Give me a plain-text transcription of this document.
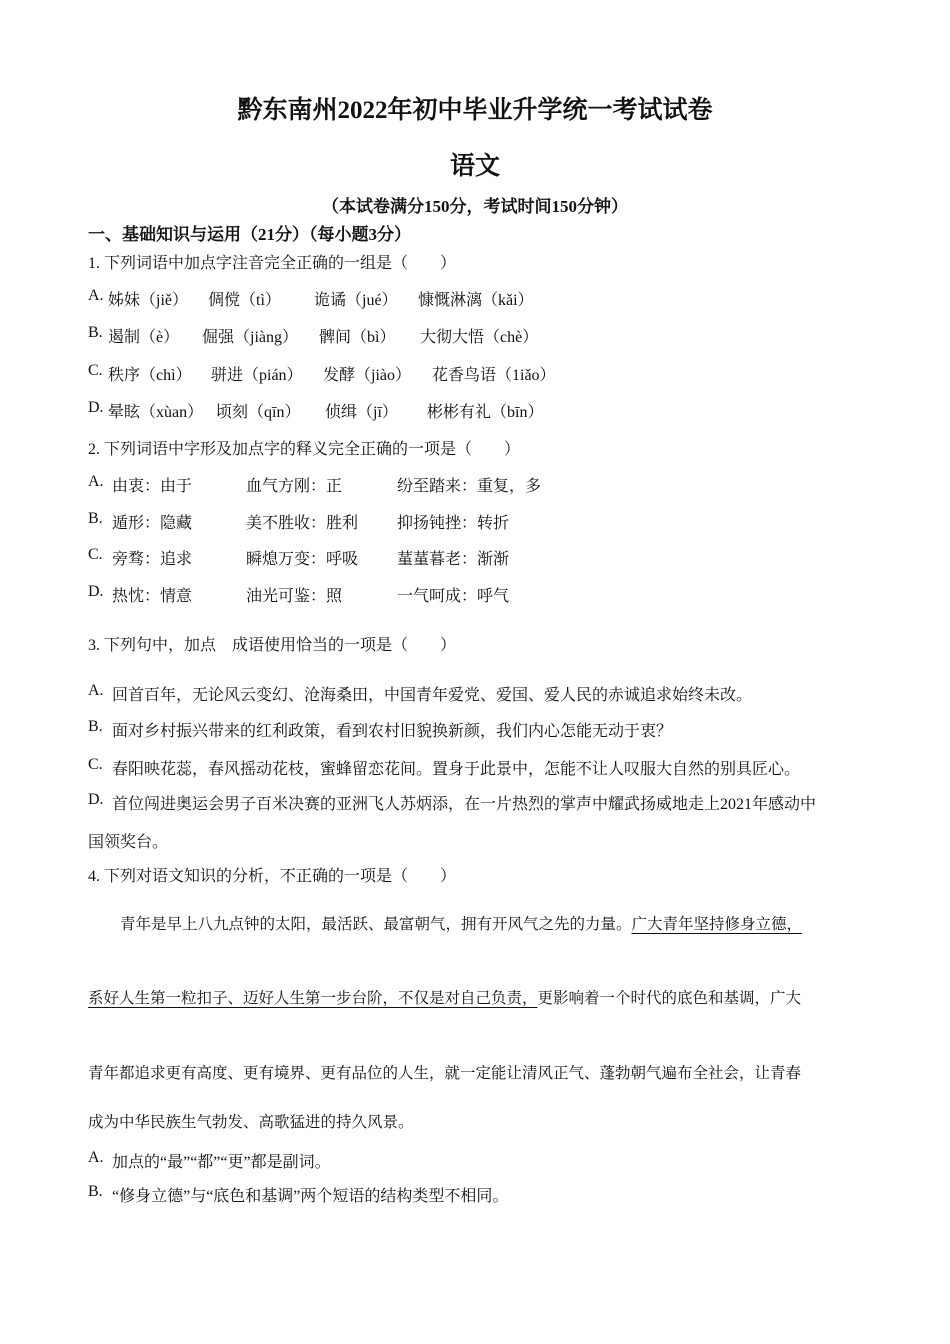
黔东南州2022年初中毕业升学统一考试试卷
语文
（本试卷满分150分，考试时间150分钟）
一、基础知识与运用（21分）（每小题3分）
1. 下列词语中加点字注音完全正确的一组是（　　）
A. 姊妹（jiě） 倜傥（tì） 诡谲（jué） 慷慨淋漓（kǎi）
B. 遏制（è） 倔强（jiàng） 髀间（bì） 大彻大悟（chè）
C. 秩序（chì） 骈进（pián） 发酵（jiào） 花香鸟语（1iǎo）
D. 晕眩（xùan） 顷刻（qīn） 侦缉（jī） 彬彬有礼（bīn）
2. 下列词语中字形及加点字的释义完全正确的一项是（　　）
A. 由衷：由于	血气方刚：正	纷至踏来：重复，多
B. 遁形：隐藏	美不胜收：胜利 抑扬钝挫：转折
C. 旁骛：追求	瞬熄万变：呼吸 蓳蓳暮老：渐渐
D. 热忱：情意	油光可鉴：照	一气呵成：呼气
3. 下列句中，加点　成语使用恰当的一项是（　　）
A. 回首百年，无论风云变幻、沧海桑田，中国青年爱党、爱国、爱人民的赤诚追求始终未改。
B. 面对乡村振兴带来的红利政策，看到农村旧貌换新颜，我们内心怎能无动于衷？
C. 春阳映花蕊，春风摇动花枝，蜜蜂留恋花间。置身于此景中，怎能不让人叹服大自然的别具匠心。
D. 首位闯进奥运会男子百米决赛的亚洲飞人苏炳添，在一片热烈的掌声中耀武扬威地走上2021年感动中
国领奖台。
4. 下列对语文知识的分析，不正确的一项是（　　）
青年是早上八九点钟的太阳，最活跃、最富朝气，拥有开风气之先的力量。广大青年坚持修身立德，
系好人生第一粒扣子、迈好人生第一步台阶，不仅是对自己负责，更影响着一个时代的底色和基调，广大
青年都追求更有高度、更有境界、更有品位的人生，就一定能让清风正气、蓬勃朝气遍布全社会，让青春
成为中华民族生气勃发、高歌猛进的持久风景。
A. 加点的“最”“都”“更”都是副词。
B. “修身立德”与“底色和基调”两个短语的结构类型不相同。
